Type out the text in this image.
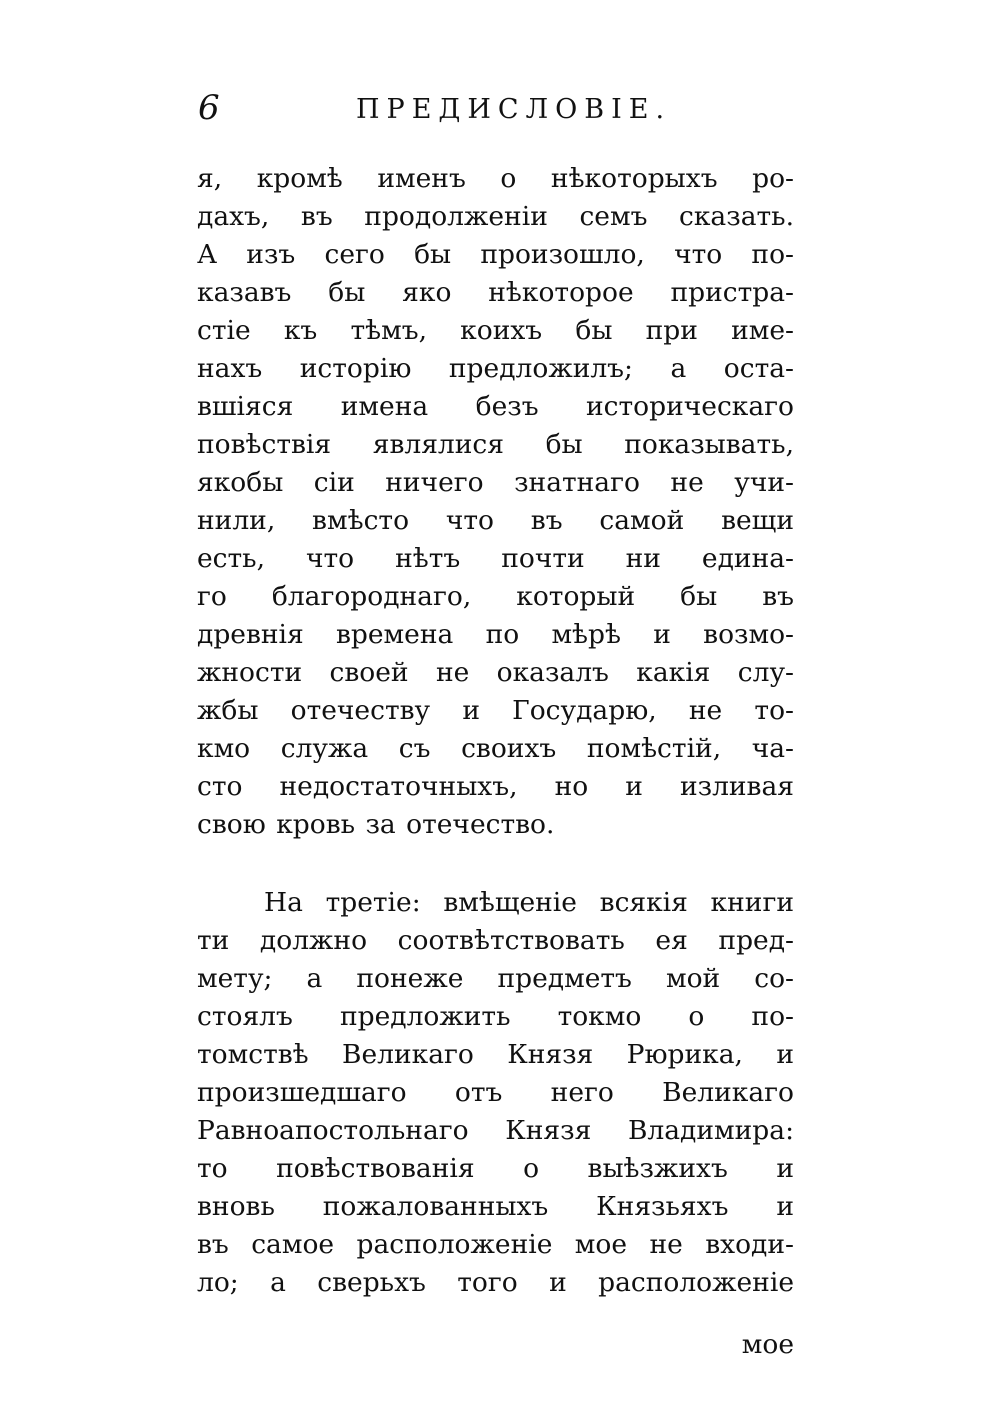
6	ПРЕДИСЛОВІЕ.
я, кромѣ именъ о нѣкоторыхъ ро-
дахъ, въ продолженіи семъ сказать.
А изъ сего бы произошло, что по-
казавъ бы яко нѣкоторое пристра-
стіе къ тѣмъ, коихъ бы при име-
нахъ исторію предложилъ; а оста-
вшіяся имена безъ историческаго
повѣствія являлися бы показывать,
якобы сіи ничего знатнаго не учи-
нили, вмѣсто что въ самой вещи
есть, что нѣтъ почти ни единa-
го благороднаго, который бы въ
древнія времена по мѣрѣ и возмо-
жности своей не оказалъ какія слу-
жбы отечеству и Государю, не то-
кмо служа съ своихъ помѣстій, ча-
сто недостаточныхъ, но и изливая
свою кровь за отечество.
На третіе: вмѣщеніе всякія книги
ти должно соотвѣтствовать ея пред-
мету; а понеже предметъ мой со-
стоялъ предложить токмо о по-
томствѣ Великаго Князя Рюрика, и
произшедшаго отъ него Великаго
Равноапостольнаго Князя Владимира:
то повѣствованія о выѣзжихъ и
вновь пожалованныхъ Князьяхъ и
въ самое расположеніе мое не входи-
ло; а сверьхъ того и расположеніе
мое
